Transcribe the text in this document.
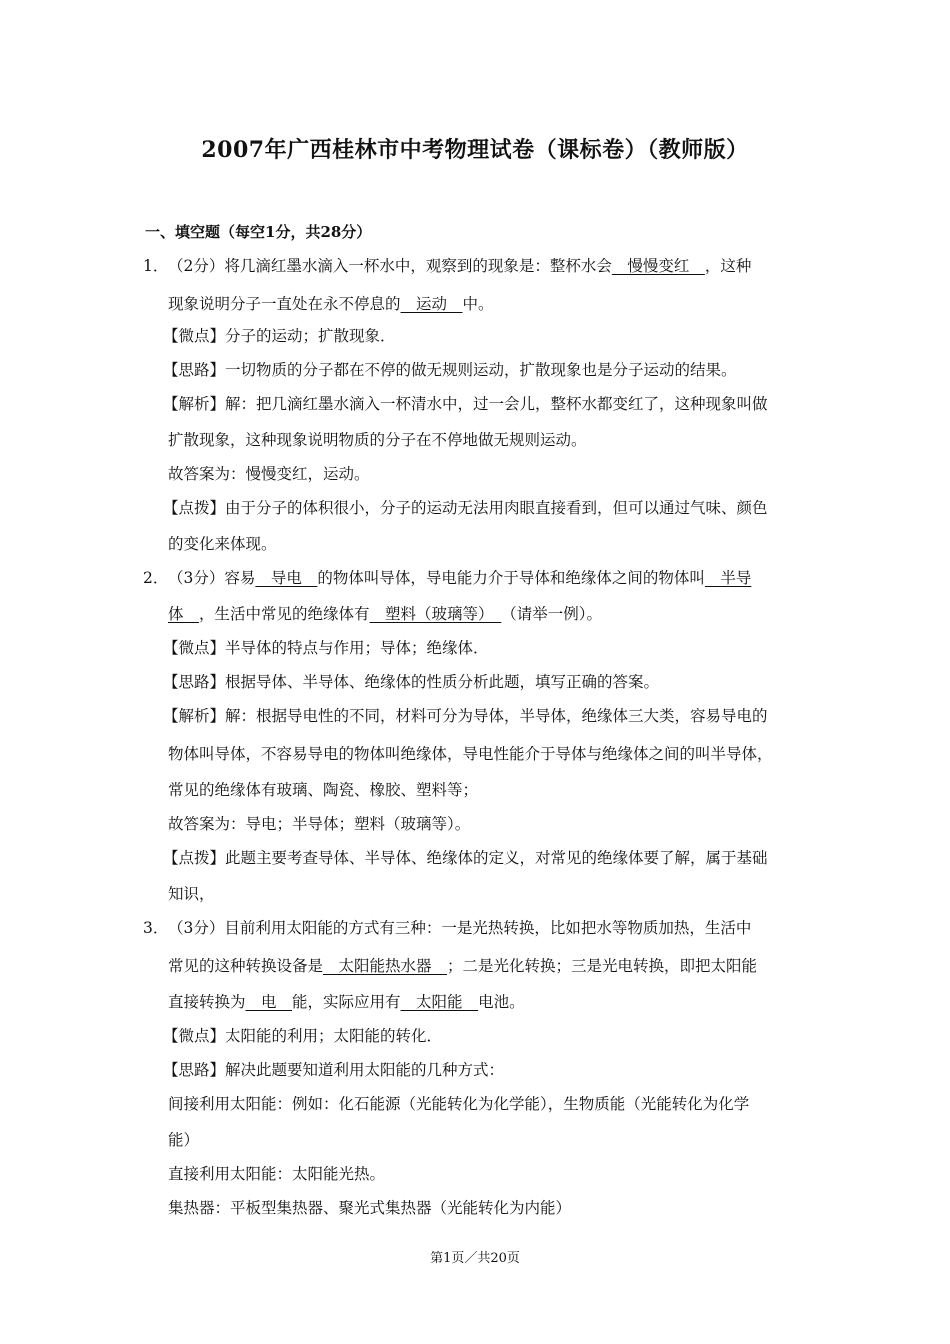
2007年广西桂林市中考物理试卷（课标卷）（教师版）
一、填空题（每空1分，共28分）
1． （2分）将几滴红墨水滴入一杯水中，观察到的现象是：整杯水会　慢慢变红　，这种
现象说明分子一直处在永不停息的　运动　中。
【微点】分子的运动；扩散现象．
【思路】一切物质的分子都在不停的做无规则运动，扩散现象也是分子运动的结果。
【解析】解：把几滴红墨水滴入一杯清水中，过一会儿，整杯水都变红了，这种现象叫做
扩散现象，这种现象说明物质的分子在不停地做无规则运动。
故答案为：慢慢变红，运动。
【点拨】由于分子的体积很小，分子的运动无法用肉眼直接看到，但可以通过气味、颜色
的变化来体现。
2． （3分）容易　导电　的物体叫导体，导电能力介于导体和绝缘体之间的物体叫　半导
体　，生活中常见的绝缘体有　塑料（玻璃等）　（请举一例）。
【微点】半导体的特点与作用；导体；绝缘体．
【思路】根据导体、半导体、绝缘体的性质分析此题，填写正确的答案。
【解析】解：根据导电性的不同，材料可分为导体，半导体，绝缘体三大类，容易导电的
物体叫导体，不容易导电的物体叫绝缘体，导电性能介于导体与绝缘体之间的叫半导体，
常见的绝缘体有玻璃、陶瓷、橡胶、塑料等；
故答案为：导电；半导体；塑料（玻璃等）。
【点拨】此题主要考查导体、半导体、绝缘体的定义，对常见的绝缘体要了解，属于基础
知识，
3． （3分）目前利用太阳能的方式有三种：一是光热转换，比如把水等物质加热，生活中
常见的这种转换设备是　太阳能热水器　；二是光化转换；三是光电转换，即把太阳能
直接转换为　电　能，实际应用有　太阳能　电池。
【微点】太阳能的利用；太阳能的转化．
【思路】解决此题要知道利用太阳能的几种方式：
间接利用太阳能：例如：化石能源（光能转化为化学能），生物质能（光能转化为化学
能）
直接利用太阳能：太阳能光热。
集热器：平板型集热器、聚光式集热器（光能转化为内能）
第1页／共20页
